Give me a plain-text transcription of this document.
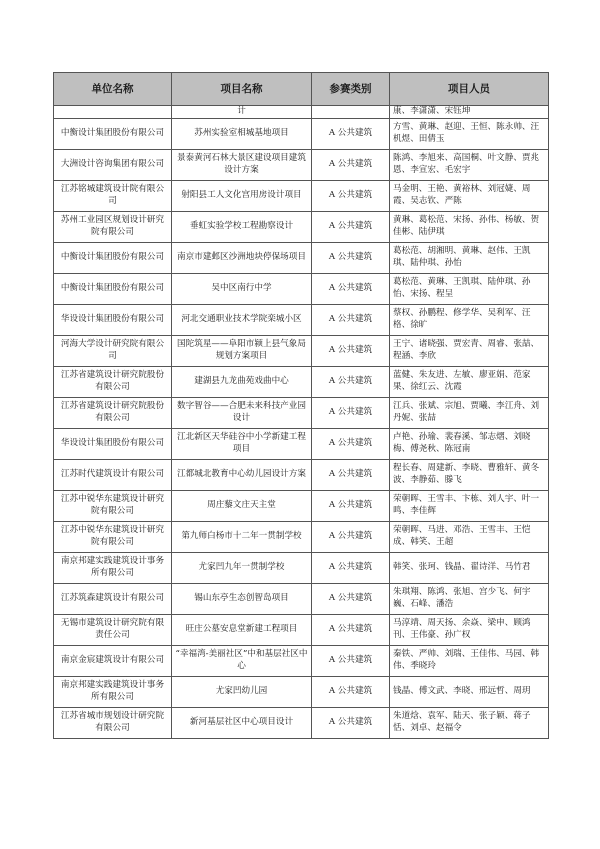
单位名称	项目名称	参赛类别	项目人员
	计		康、李潇潇、宋钰坤
中衡设计集团股份有限公司	苏州实验室相城基地项目	A 公共建筑	方雪、黄琳、赵迎、王恒、陈永帅、汪机煜、田倩玉
大洲设计咨询集团有限公司	景泰黄河石林大景区建设项目建筑设计方案	A 公共建筑	陈鸿、李旭来、高国桐、叶文静、贾兆恩、李宣宏、毛宏宇
江苏铭城建筑设计院有限公司	射阳县工人文化宫用房设计项目	A 公共建筑	马金明、王艳、黄裕林、刘冠婕、周霞、吴志钦、严陈
苏州工业园区规划设计研究院有限公司	垂虹实验学校工程勘察设计	A 公共建筑	黄琳、葛松范、宋扬、孙伟、杨敏、贺佳彬、陆伊琪
中衡设计集团股份有限公司	南京市建邺区沙洲地块停保场项目	A 公共建筑	葛松范、胡湘明、黄琳、赵伟、王凯琪、陆仲琪、孙怡
中衡设计集团股份有限公司	吴中区南行中学	A 公共建筑	葛松范、黄琳、王凯琪、陆仲琪、孙怡、宋扬、程呈
华设设计集团股份有限公司	河北交通职业技术学院栾城小区	A 公共建筑	蔡权、孙鹏程、修学华、吴利军、汪格、徐旷
河海大学设计研究院有限公司	国陀筑星——阜阳市颍上县气象局规划方案项目	A 公共建筑	王宁、诸晓强、贾宏青、周睿、张喆、程涵、李欣
江苏省建筑设计研究院股份有限公司	建湖县九龙曲苑戏曲中心	A 公共建筑	蓝健、朱友进、左敏、廖亚娟、范家果、徐红云、沈霞
江苏省建筑设计研究院股份有限公司	数字智谷——合肥未来科技产业园设计	A 公共建筑	江兵、张斌、宗旭、贾曦、李江舟、刘丹妮、张喆
华设设计集团股份有限公司	江北新区天华硅谷中小学新建工程项目	A 公共建筑	卢艳、孙瑜、裴春溪、邹志熠、刘晓梅、傅尧秋、陈冠南
江苏时代建筑设计有限公司	江都城北教育中心幼儿园设计方案	A 公共建筑	程长春、周建新、李晓、曹雅轩、黄冬波、李静茹、滕飞
江苏中锐华东建筑设计研究院有限公司	周庄藜文庄天主堂	A 公共建筑	荣朝晖、王雪丰、卞栋、刘人宇、叶一鸣、李佳辉
江苏中锐华东建筑设计研究院有限公司	第九师白杨市十二年一贯制学校	A 公共建筑	荣朝晖、马进、邓浩、王雪丰、王恺成、韩笑、王超
南京邦建实践建筑设计事务所有限公司	尤家凹九年一贯制学校	A 公共建筑	韩笑、张珂、钱晶、翟诗洋、马竹君
江苏筑森建筑设计有限公司	锡山东亭生态创智岛项目	A 公共建筑	朱琪翔、陈鸿、张旭、宫少飞、何宇巍、石峰、潘浩
无锡市建筑设计研究院有限责任公司	旺庄公墓安息堂新建工程项目	A 公共建筑	马淳靖、周天扬、余焱、梁申、顾鸿刊、王伟豪、孙广权
南京金宸建筑设计有限公司	“幸福湾-美丽社区”中和基层社区中心	A 公共建筑	秦铁、严帅、刘瑞、王佳伟、马园、韩伟、季晓玲
南京邦建实践建筑设计事务所有限公司	尤家凹幼儿园	A 公共建筑	钱晶、傅文武、李晓、邢远哲、周玥
江苏省城市规划设计研究院有限公司	新河基层社区中心项目设计	A 公共建筑	朱道焓、袁军、陆天、张子颖、蒋子恬、刘卓、赵福令
